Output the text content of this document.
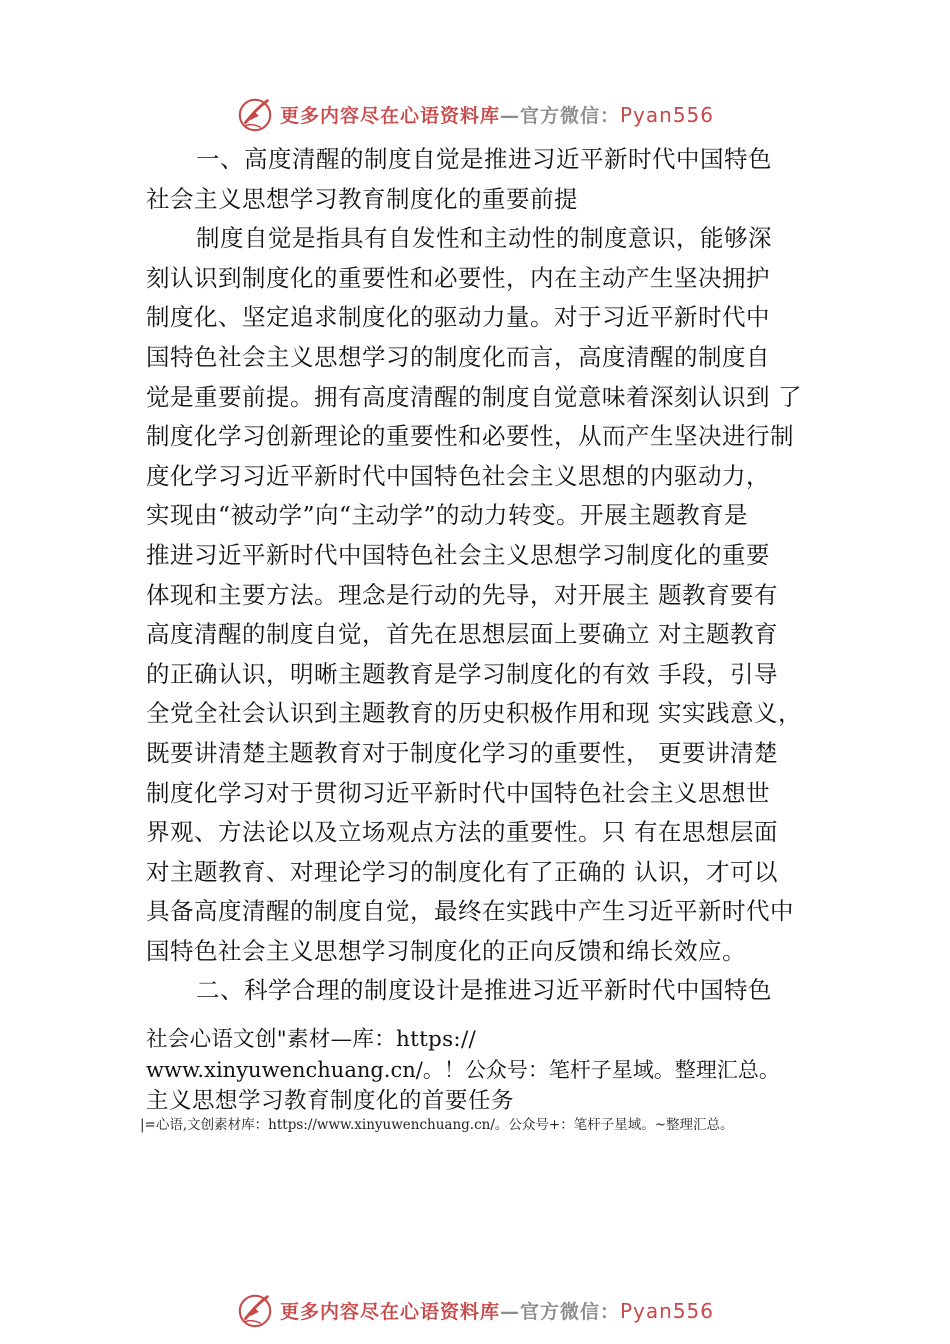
更多内容尽在心语资料库—官方微信：Pyan556
一、高度清醒的制度自觉是推进习近平新时代中国特色
社会主义思想学习教育制度化的重要前提
制度自觉是指具有自发性和主动性的制度意识，能够深
刻认识到制度化的重要性和必要性，内在主动产生坚决拥护
制度化、坚定追求制度化的驱动力量。对于习近平新时代中
国特色社会主义思想学习的制度化而言，高度清醒的制度自
觉是重要前提。拥有高度清醒的制度自觉意味着深刻认识到 了
制度化学习创新理论的重要性和必要性，从而产生坚决进行制
度化学习习近平新时代中国特色社会主义思想的内驱动力，
实现由“被动学”向“主动学”的动力转变。开展主题教育是
推进习近平新时代中国特色社会主义思想学习制度化的重要
体现和主要方法。理念是行动的先导，对开展主 题教育要有
高度清醒的制度自觉，首先在思想层面上要确立 对主题教育
的正确认识，明晰主题教育是学习制度化的有效 手段，引导
全党全社会认识到主题教育的历史积极作用和现 实实践意义，
既要讲清楚主题教育对于制度化学习的重要性， 更要讲清楚
制度化学习对于贯彻习近平新时代中国特色社会主义思想世
界观、方法论以及立场观点方法的重要性。只 有在思想层面
对主题教育、对理论学习的制度化有了正确的 认识，才可以
具备高度清醒的制度自觉，最终在实践中产生习近平新时代中
国特色社会主义思想学习制度化的正向反馈和绵长效应。
二、科学合理的制度设计是推进习近平新时代中国特色
社会心语文创"素材—库：https://
www.xinyuwenchuang.cn/。！公众号：笔杆子星域。整理汇总。
主义思想学习教育制度化的首要任务
|=心语,文创素材库：https://www.xinyuwenchuang.cn/。公众号+：笔杆子星域。~整理汇总。
更多内容尽在心语资料库—官方微信：Pyan556
